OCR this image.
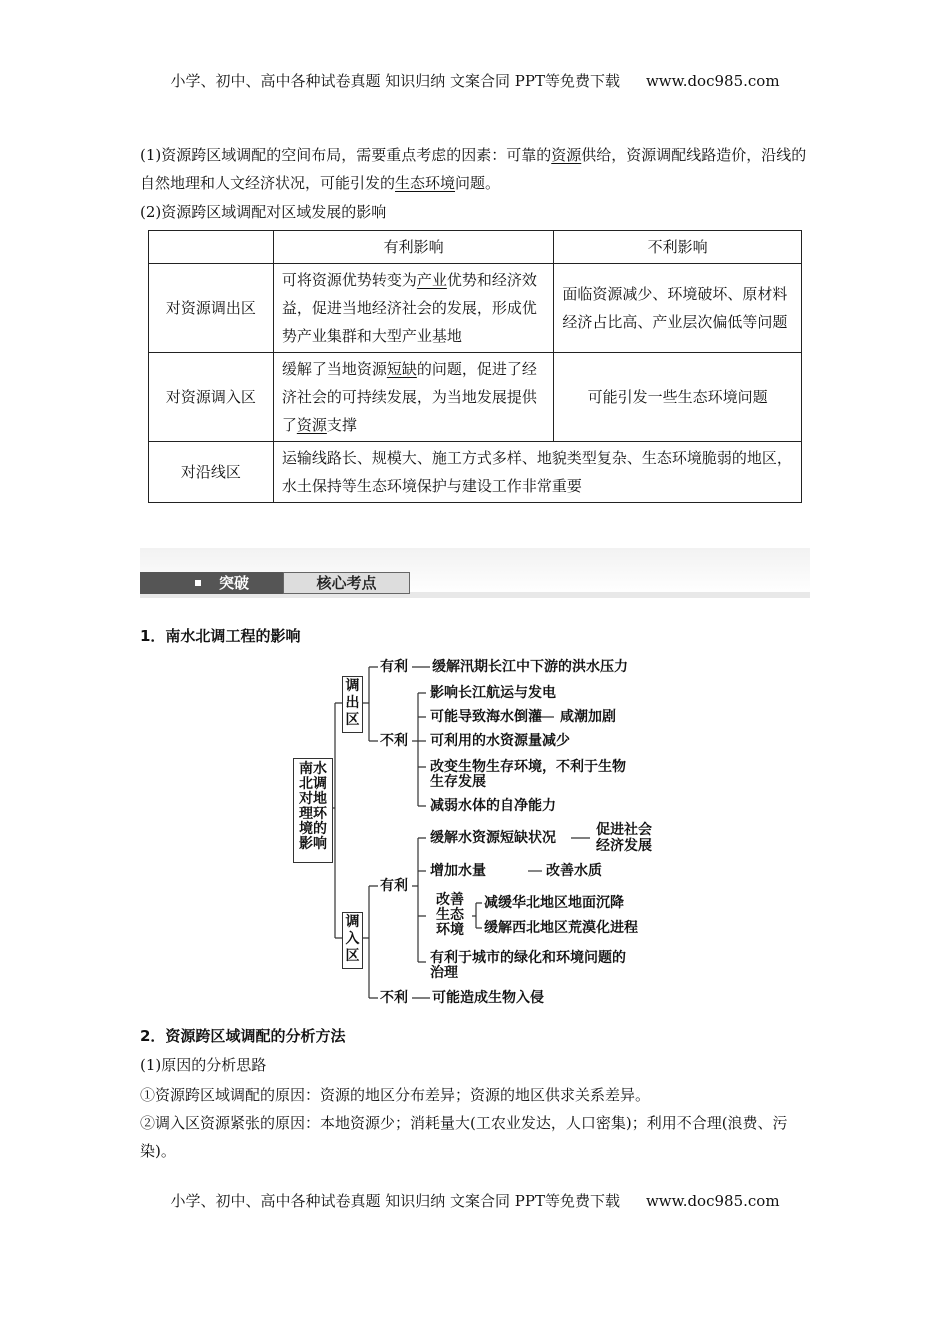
小学、初中、高中各种试卷真题 知识归纳 文案合同 PPT等免费下载 www.doc985.com
(1)资源跨区域调配的空间布局，需要重点考虑的因素：可靠的资源供给，资源调配线路造价，沿线的自然地理和人文经济状况，可能引发的生态环境问题。
(2)资源跨区域调配对区域发展的影响
	有利影响	不利影响
对资源调出区	可将资源优势转变为产业优势和经济效益，促进当地经济社会的发展，形成优势产业集群和大型产业基地	面临资源减少、环境破坏、原材料经济占比高、产业层次偏低等问题
对资源调入区	缓解了当地资源短缺的问题，促进了经济社会的可持续发展，为当地发展提供了资源支撑	可能引发一些生态环境问题
对沿线区	运输线路长、规模大、施工方式多样、地貌类型复杂、生态环境脆弱的地区，水土保持等生态环境保护与建设工作非常重要	
突破	核心考点
1．南水北调工程的影响
南水北调对地理环境的影响
调出区
调入区
有利 缓解汛期长江中下游的洪水压力
不利
影响长江航运与发电
可能导致海水倒灌 咸潮加剧
可利用的水资源量减少
改变生物生存环境，不利于生物
生存发展
减弱水体的自净能力
有利
缓解水资源短缺状况	促进社会
经济发展
增加水量	改善水质
改善生态环境
减缓华北地区地面沉降
缓解西北地区荒漠化进程
有利于城市的绿化和环境问题的
治理
不利 可能造成生物入侵
2．资源跨区域调配的分析方法
(1)原因的分析思路
①资源跨区域调配的原因：资源的地区分布差异；资源的地区供求关系差异。
②调入区资源紧张的原因：本地资源少；消耗量大(工农业发达，人口密集)；利用不合理(浪费、污染)。
小学、初中、高中各种试卷真题 知识归纳 文案合同 PPT等免费下载 www.doc985.com
